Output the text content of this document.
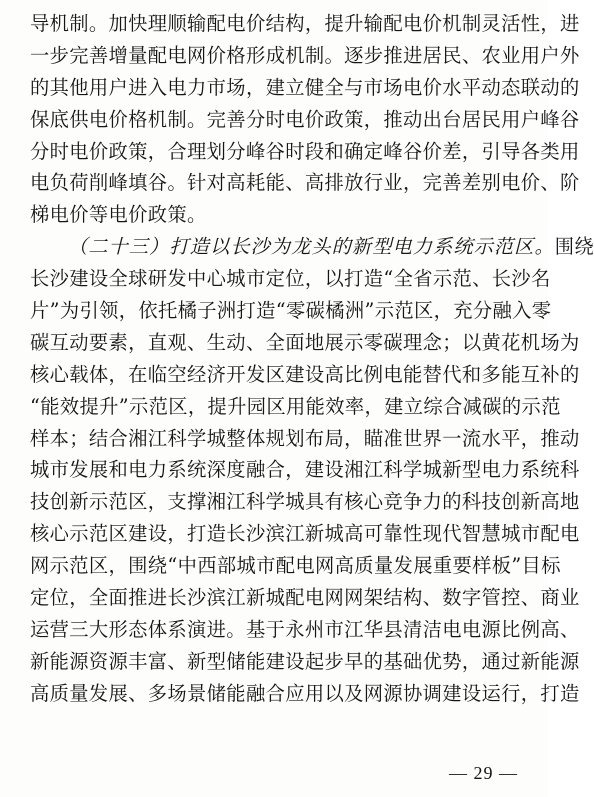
导机制。加快理顺输配电价结构，提升输配电价机制灵活性，进
一步完善增量配电网价格形成机制。逐步推进居民、农业用户外
的其他用户进入电力市场，建立健全与市场电价水平动态联动的
保底供电价格机制。完善分时电价政策，推动出台居民用户峰谷
分时电价政策，合理划分峰谷时段和确定峰谷价差，引导各类用
电负荷削峰填谷。针对高耗能、高排放行业，完善差别电价、阶
梯电价等电价政策。
（二十三）打造以长沙为龙头的新型电力系统示范区。围绕
长沙建设全球研发中心城市定位，以打造“全省示范、长沙名
片”为引领，依托橘子洲打造“零碳橘洲”示范区，充分融入零
碳互动要素，直观、生动、全面地展示零碳理念；以黄花机场为
核心载体，在临空经济开发区建设高比例电能替代和多能互补的
“能效提升”示范区，提升园区用能效率，建立综合减碳的示范
样本；结合湘江科学城整体规划布局，瞄准世界一流水平，推动
城市发展和电力系统深度融合，建设湘江科学城新型电力系统科
技创新示范区，支撑湘江科学城具有核心竞争力的科技创新高地
核心示范区建设，打造长沙滨江新城高可靠性现代智慧城市配电
网示范区，围绕“中西部城市配电网高质量发展重要样板”目标
定位，全面推进长沙滨江新城配电网网架结构、数字管控、商业
运营三大形态体系演进。基于永州市江华县清洁电电源比例高、
新能源资源丰富、新型储能建设起步早的基础优势，通过新能源
高质量发展、多场景储能融合应用以及网源协调建设运行，打造
— 29 —
